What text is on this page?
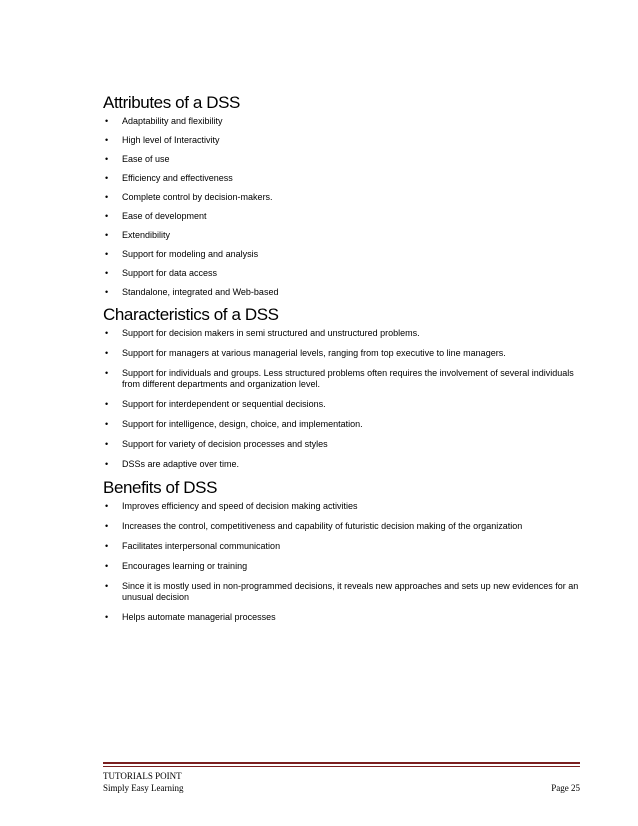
Attributes of a DSS
• Adaptability and flexibility
• High level of Interactivity
• Ease of use
• Efficiency and effectiveness
• Complete control by decision-makers.
• Ease of development
• Extendibility
• Support for modeling and analysis
• Support for data access
• Standalone, integrated and Web-based
Characteristics of a DSS
• Support for decision makers in semi structured and unstructured problems.
• Support for managers at various managerial levels, ranging from top executive to line managers.
• Support for individuals and groups. Less structured problems often requires the involvement of several individuals from different departments and organization level.
• Support for interdependent or sequential decisions.
• Support for intelligence, design, choice, and implementation.
• Support for variety of decision processes and styles
• DSSs are adaptive over time.
Benefits of DSS
• Improves efficiency and speed of decision making activities
• Increases the control, competitiveness and capability of futuristic decision making of the organization
• Facilitates interpersonal communication
• Encourages learning or training
• Since it is mostly used in non-programmed decisions, it reveals new approaches and sets up new evidences for an unusual decision
• Helps automate managerial processes
TUTORIALS POINT
Simply Easy Learning	Page 25
